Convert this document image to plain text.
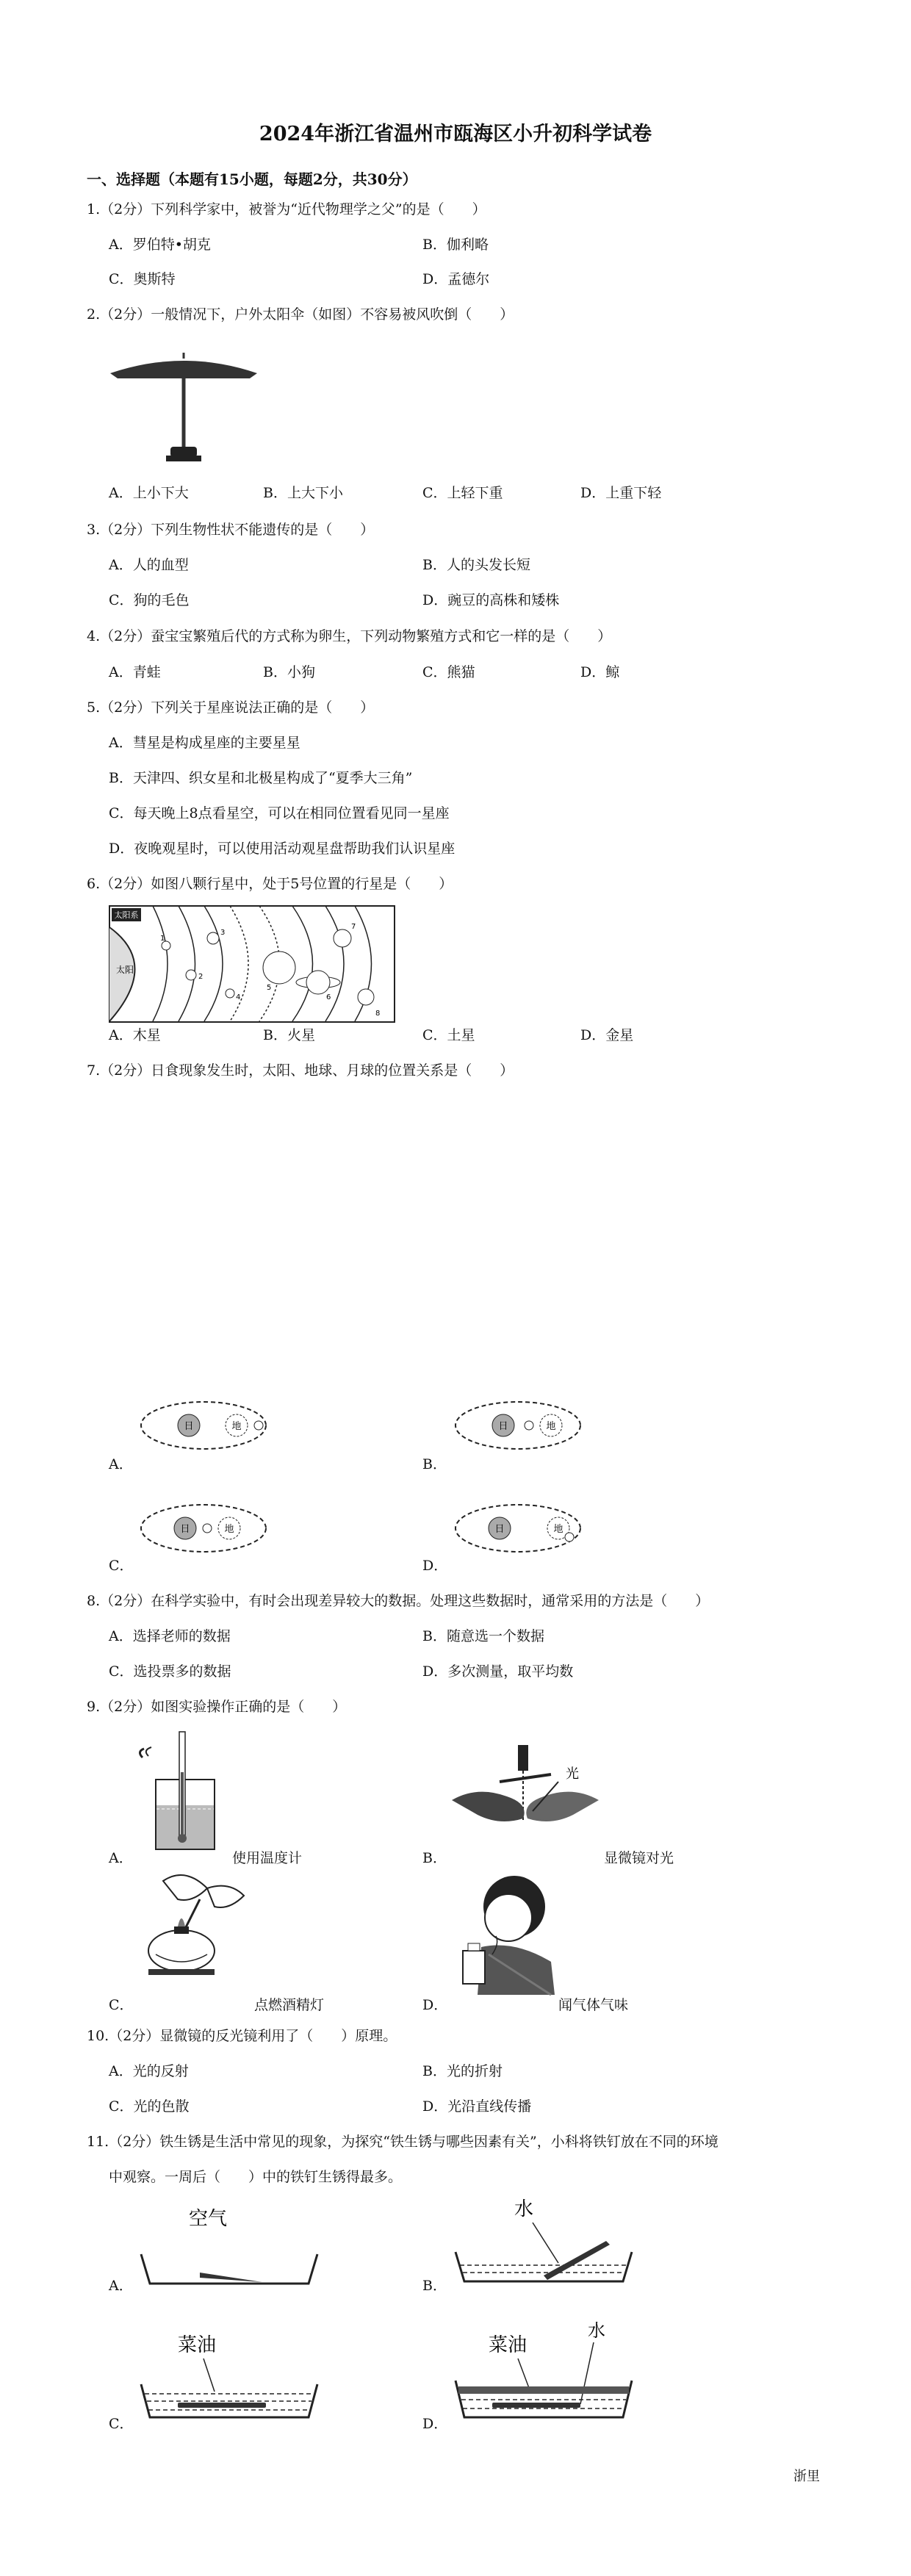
2024年浙江省温州市瓯海区小升初科学试卷
一、选择题（本题有15小题，每题2分，共30分）
1.（2分）下列科学家中，被誉为“近代物理学之父”的是（　　）
A．罗伯特•胡克	B．伽利略
C．奥斯特	D．孟德尔
2.（2分）一般情况下，户外太阳伞（如图）不容易被风吹倒（　　）
A．上小下大	B．上大下小	C．上轻下重	D．上重下轻
3.（2分）下列生物性状不能遗传的是（　　）
A．人的血型	B．人的头发长短
C．狗的毛色	D．豌豆的高株和矮株
4.（2分）蚕宝宝繁殖后代的方式称为卵生，下列动物繁殖方式和它一样的是（　　）
A．青蛙	B．小狗	C．熊猫	D．鲸
5.（2分）下列关于星座说法正确的是（　　）
A．彗星是构成星座的主要星星
B．天津四、织女星和北极星构成了“夏季大三角”
C．每天晚上8点看星空，可以在相同位置看见同一星座
D．夜晚观星时，可以使用活动观星盘帮助我们认识星座
6.（2分）如图八颗行星中，处于5号位置的行星是（　　）
太阳系
太阳
1
2
3
4
5
6
7
8
A．木星	B．火星	C．土星	D．金星
7.（2分）日食现象发生时，太阳、地球、月球的位置关系是（　　）
日	地
A．
日	地
B．
日	地
C．
日	地
D．
8.（2分）在科学实验中，有时会出现差异较大的数据。处理这些数据时，通常采用的方法是（　　）
A．选择老师的数据	B．随意选一个数据
C．选投票多的数据	D．多次测量，取平均数
9.（2分）如图实验操作正确的是（　　）
A．	使用温度计
光
B．	显微镜对光
C．	点燃酒精灯	D．	闻气体气味
10.（2分）显微镜的反光镜利用了（　　）原理。
A．光的反射	B．光的折射
C．光的色散	D．光沿直线传播
11.（2分）铁生锈是生活中常见的现象，为探究“铁生锈与哪些因素有关”，小科将铁钉放在不同的环境
中观察。一周后（　　）中的铁钉生锈得最多。
空气
A．
水
B．
菜油
C．
菜油
水
D．
浙里
